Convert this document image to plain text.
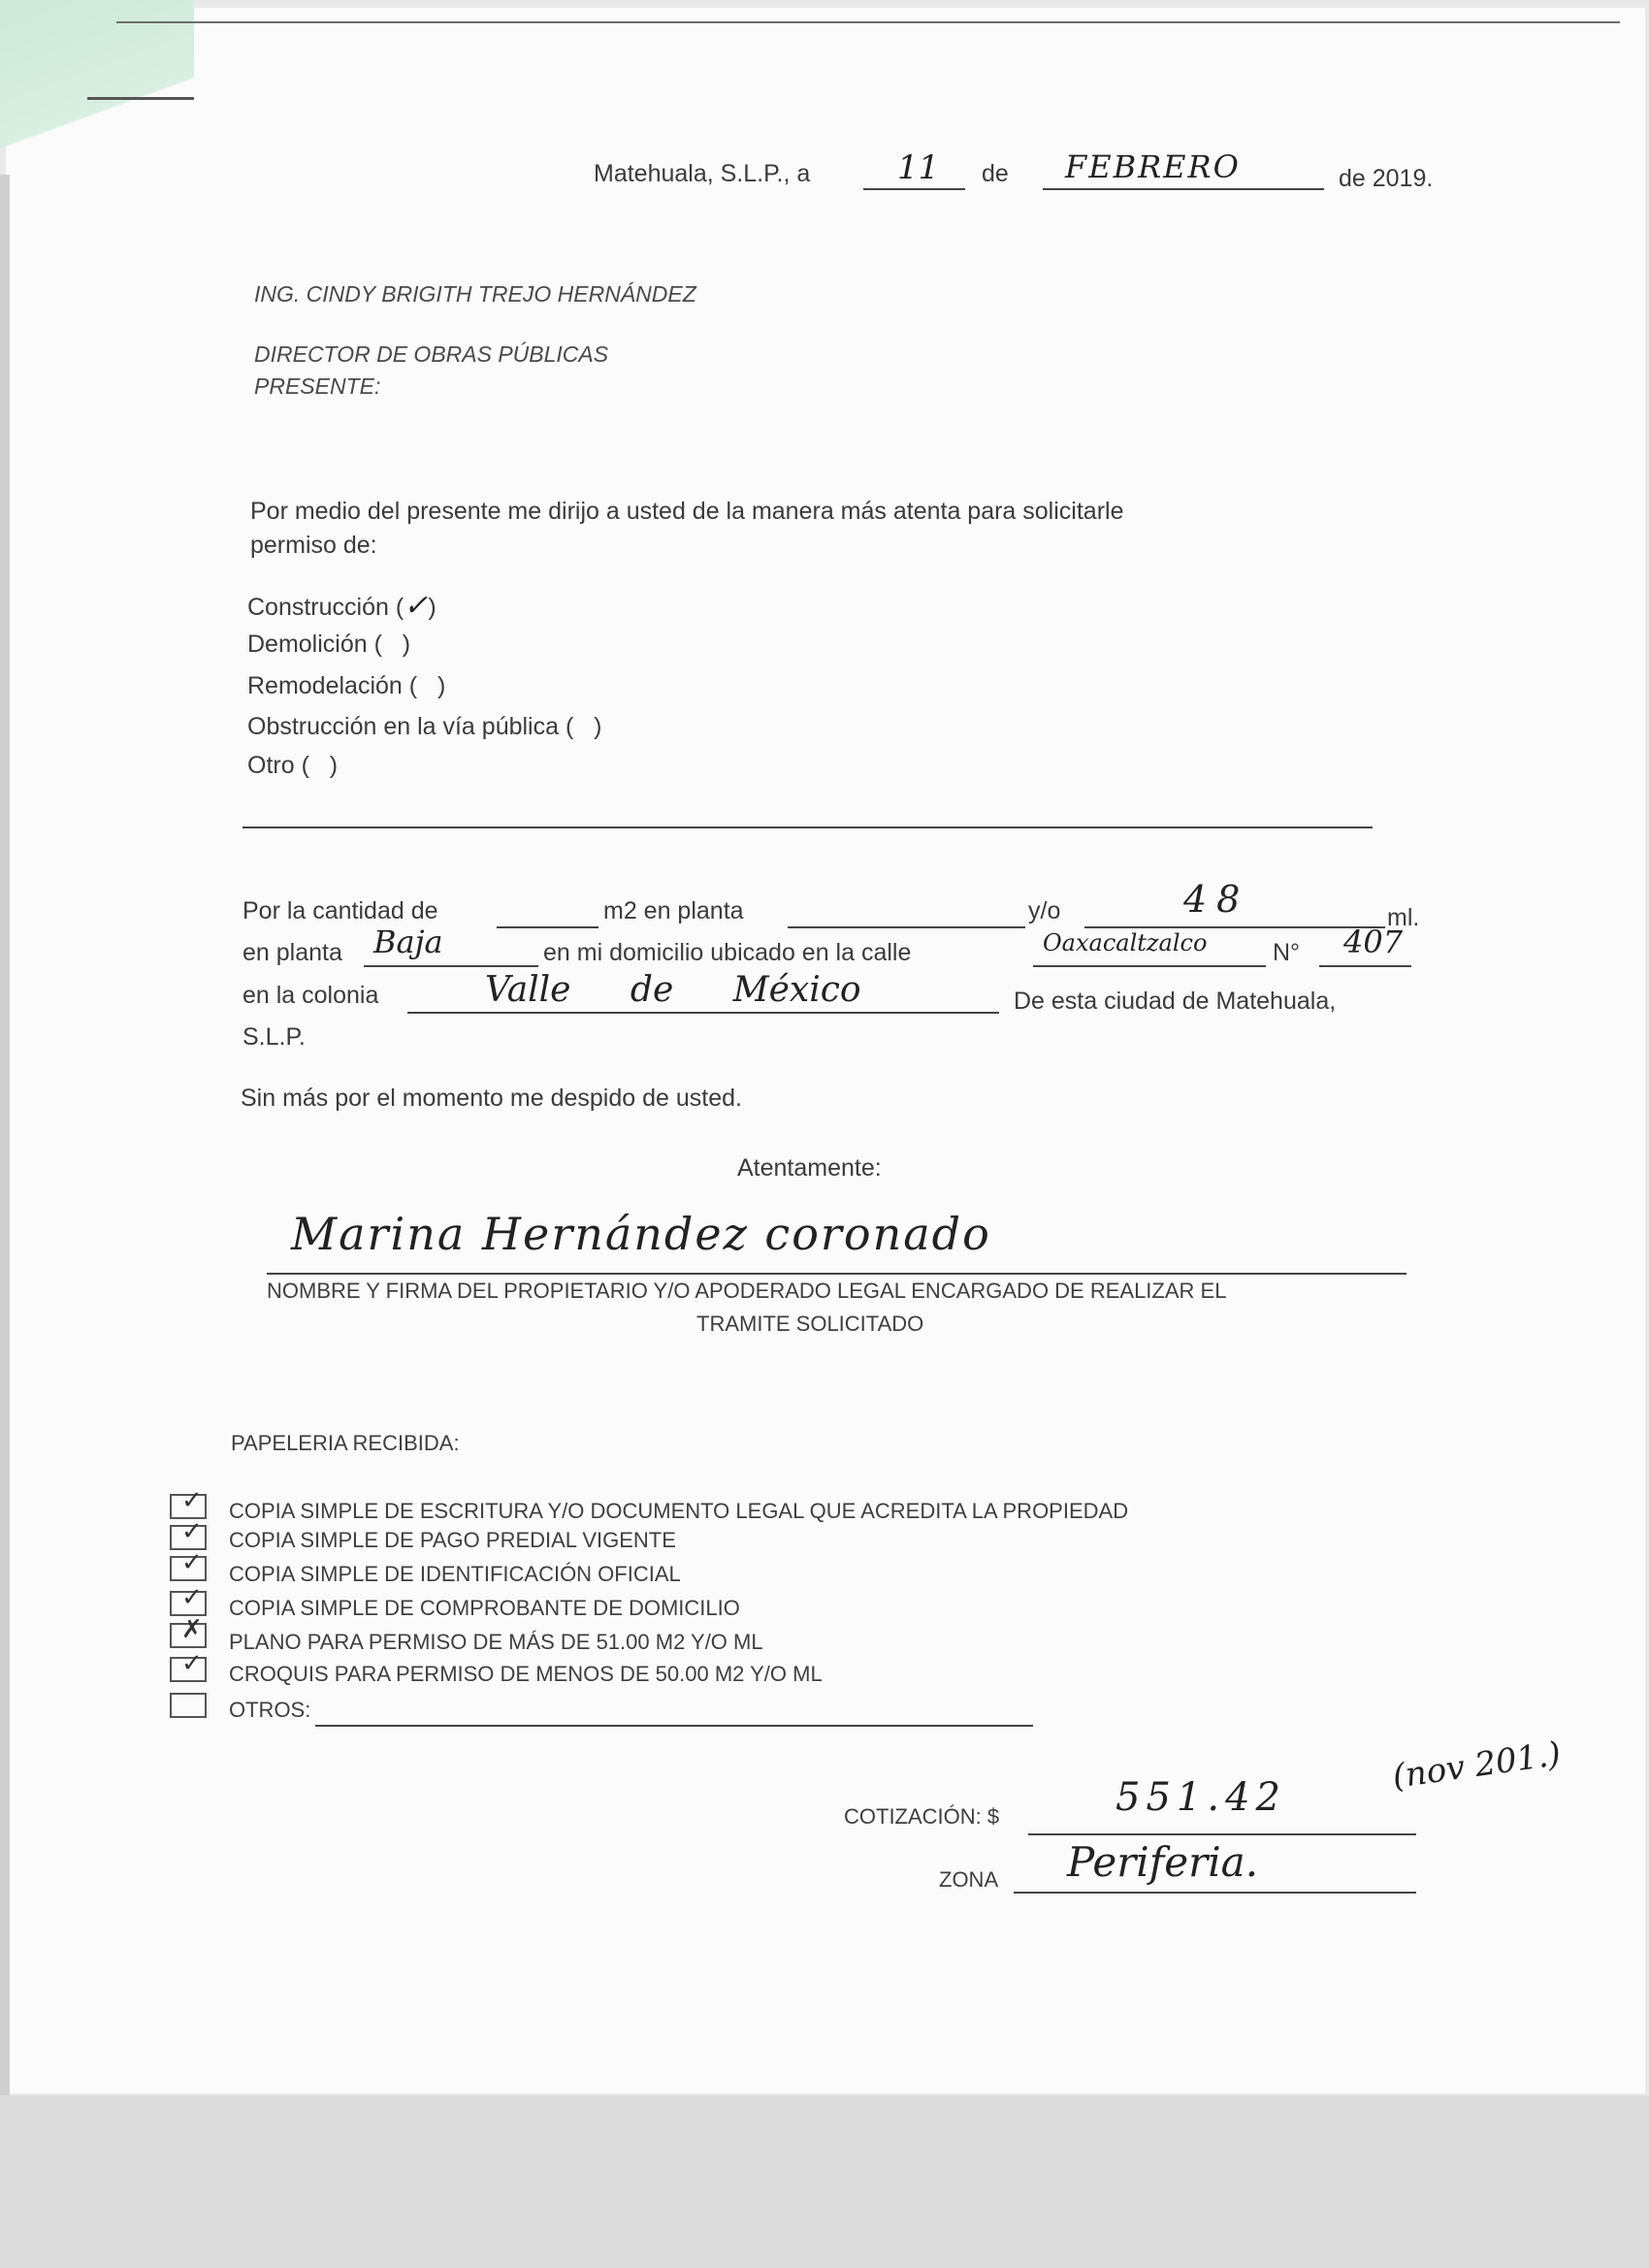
Matehuala, S.L.P., a	11 de FEBRERO	de 2019.
ING. CINDY BRIGITH TREJO HERNÁNDEZ
DIRECTOR DE OBRAS PÚBLICAS
PRESENTE:
Por medio del presente me dirijo a usted de la manera más atenta para solicitarle
permiso de:
Construcción (✓)
Demolición ( )
Remodelación ( )
Obstrucción en la vía pública ( )
Otro ( )
Por la cantidad de	m2 en planta	y/o	48	ml.
en planta Baja	en mi domicilio ubicado en la calle	Oaxacaltzalco	N° 407
en la colonia	Valle de México	De esta ciudad de Matehuala,
S.L.P.
Sin más por el momento me despido de usted.
Atentamente:
Marina Hernández coronado
NOMBRE Y FIRMA DEL PROPIETARIO Y/O APODERADO LEGAL ENCARGADO DE REALIZAR EL
TRAMITE SOLICITADO
PAPELERIA RECIBIDA:
✓ COPIA SIMPLE DE ESCRITURA Y/O DOCUMENTO LEGAL QUE ACREDITA LA PROPIEDAD
✓ COPIA SIMPLE DE PAGO PREDIAL VIGENTE
✓ COPIA SIMPLE DE IDENTIFICACIÓN OFICIAL
✓ COPIA SIMPLE DE COMPROBANTE DE DOMICILIO
✗ PLANO PARA PERMISO DE MÁS DE 51.00 M2 Y/O ML
✓ CROQUIS PARA PERMISO DE MENOS DE 50.00 M2 Y/O ML
OTROS:
(nov 201.)
COTIZACIÓN: $	551.42
ZONA Periferia.
